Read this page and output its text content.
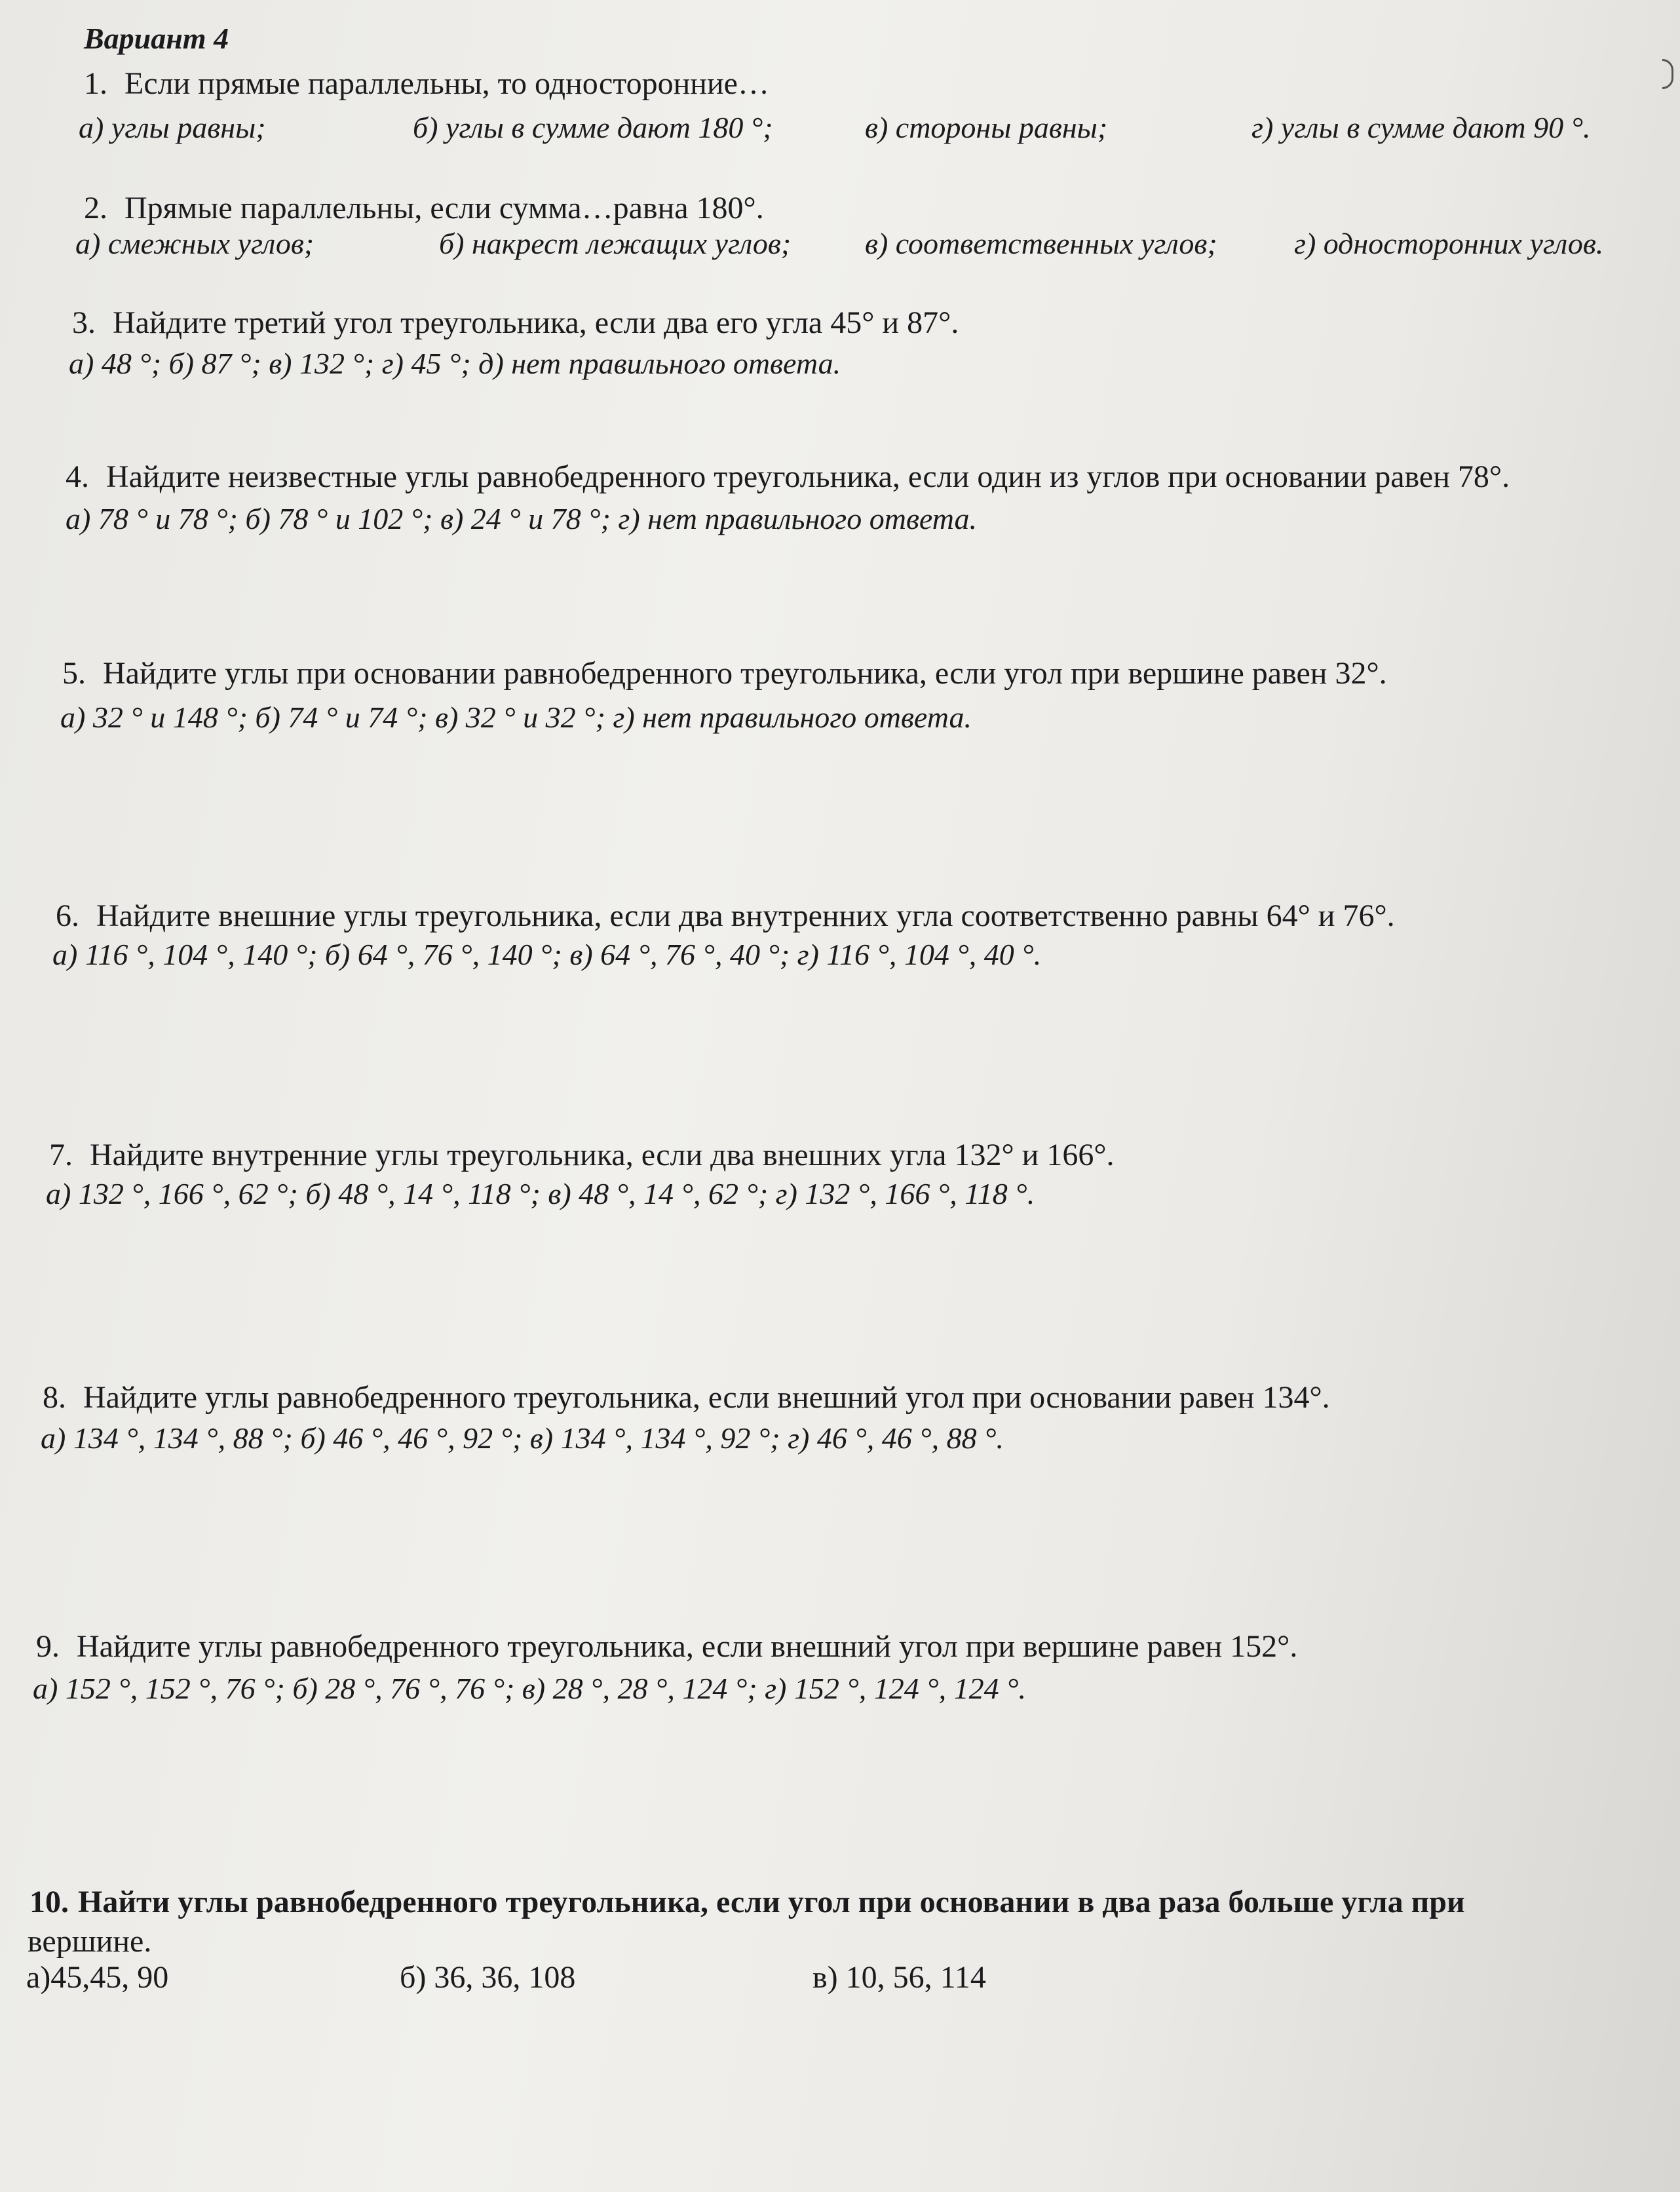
Вариант 4
1. Если прямые параллельны, то односторонние…
а) углы равны;	б) углы в сумме дают 180 °;	в) стороны равны;	г) углы в сумме дают 90 °.
2. Прямые параллельны, если сумма…равна 180°.
а) смежных углов;	б) накрест лежащих углов; в) соответственных углов;	г) односторонних углов.
3. Найдите третий угол треугольника, если два его угла 45° и 87°.
а) 48 °; б) 87 °; в) 132 °; г) 45 °; д) нет правильного ответа.
4. Найдите неизвестные углы равнобедренного треугольника, если один из углов при основании равен 78°.
а) 78 ° и 78 °; б) 78 ° и 102 °; в) 24 ° и 78 °; г) нет правильного ответа.
5. Найдите углы при основании равнобедренного треугольника, если угол при вершине равен 32°.
а) 32 ° и 148 °; б) 74 ° и 74 °; в) 32 ° и 32 °; г) нет правильного ответа.
6. Найдите внешние углы треугольника, если два внутренних угла соответственно равны 64° и 76°.
а) 116 °, 104 °, 140 °; б) 64 °, 76 °, 140 °; в) 64 °, 76 °, 40 °; г) 116 °, 104 °, 40 °.
7. Найдите внутренние углы треугольника, если два внешних угла 132° и 166°.
а) 132 °, 166 °, 62 °; б) 48 °, 14 °, 118 °; в) 48 °, 14 °, 62 °; г) 132 °, 166 °, 118 °.
8. Найдите углы равнобедренного треугольника, если внешний угол при основании равен 134°.
а) 134 °, 134 °, 88 °; б) 46 °, 46 °, 92 °; в) 134 °, 134 °, 92 °; г) 46 °, 46 °, 88 °.
9. Найдите углы равнобедренного треугольника, если внешний угол при вершине равен 152°.
а) 152 °, 152 °, 76 °; б) 28 °, 76 °, 76 °; в) 28 °, 28 °, 124 °; г) 152 °, 124 °, 124 °.
10. Найти углы равнобедренного треугольника, если угол при основании в два раза больше угла при
вершине.
а)45,45, 90	б) 36, 36, 108	в) 10, 56, 114
